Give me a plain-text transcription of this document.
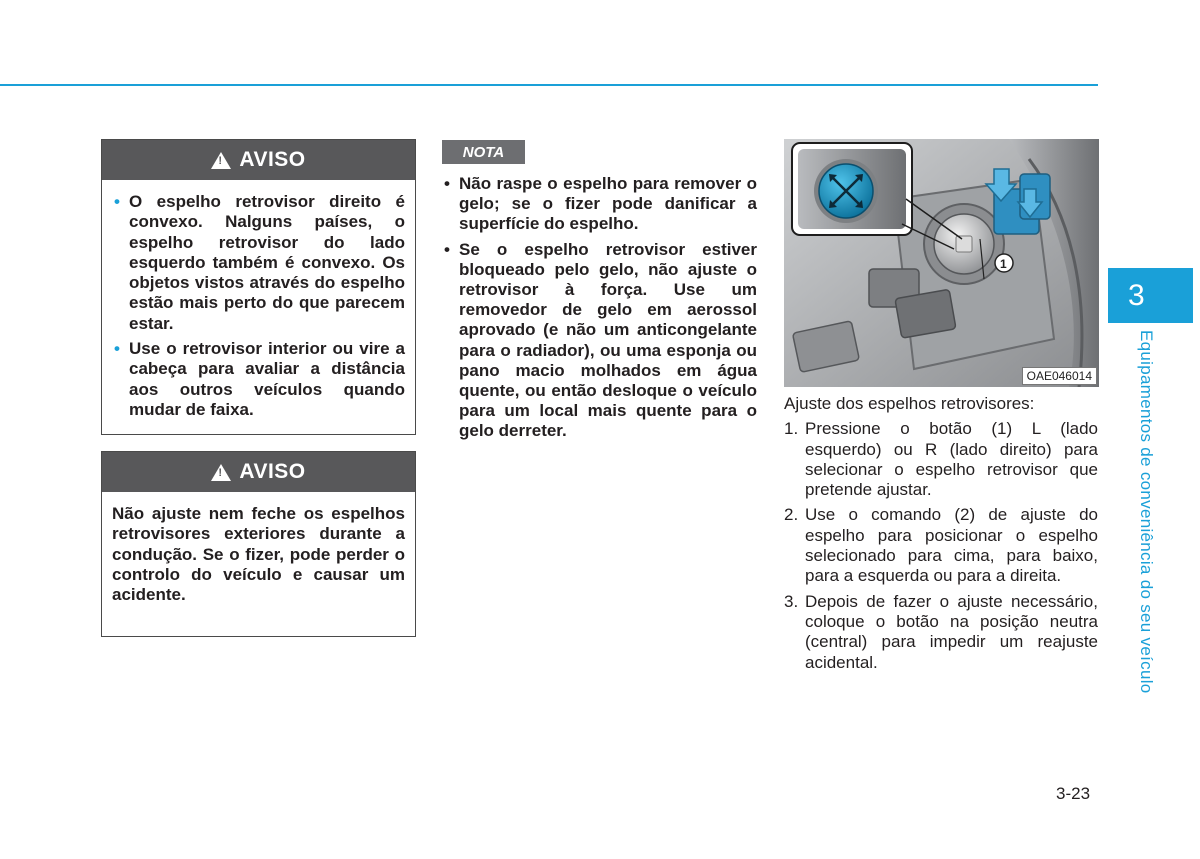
!
AVISO
• O espelho retrovisor direito é convexo. Nalguns países, o espelho retrovisor do lado esquerdo também é convexo. Os objetos vistos através do espelho estão mais perto do que parecem estar.
• Use o retrovisor interior ou vire a cabeça para avaliar a distância aos outros veículos quando mudar de faixa.
!
AVISO
Não ajuste nem feche os espelhos retrovisores exteriores durante a condução. Se o fizer, pode perder o controlo do veículo e causar um acidente.
NOTA
• Não raspe o espelho para remover o gelo; se o fizer pode danificar a superfície do espelho.
• Se o espelho retrovisor estiver bloqueado pelo gelo, não ajuste o retrovisor à força. Use um removedor de gelo em aerossol aprovado (e não um anticongelante para o radiador), ou uma esponja ou pano macio molhados em água quente, ou então desloque o veículo para um local mais quente para o gelo derreter.
1
OAE046014

Ajuste dos espelhos retrovisores:

1. Pressione o botão (1) L (lado esquerdo) ou R (lado direito) para selecionar o espelho retrovisor que pretende ajustar.
2. Use o comando (2) de ajuste do espelho para posicionar o espelho selecionado para cima, para baixo, para a esquerda ou para a direita.
3. Depois de fazer o ajuste necessário, coloque o botão na posição neutra (central) para impedir um reajuste acidental.
3
Equipamentos de conveniência do seu veículo
3-23
